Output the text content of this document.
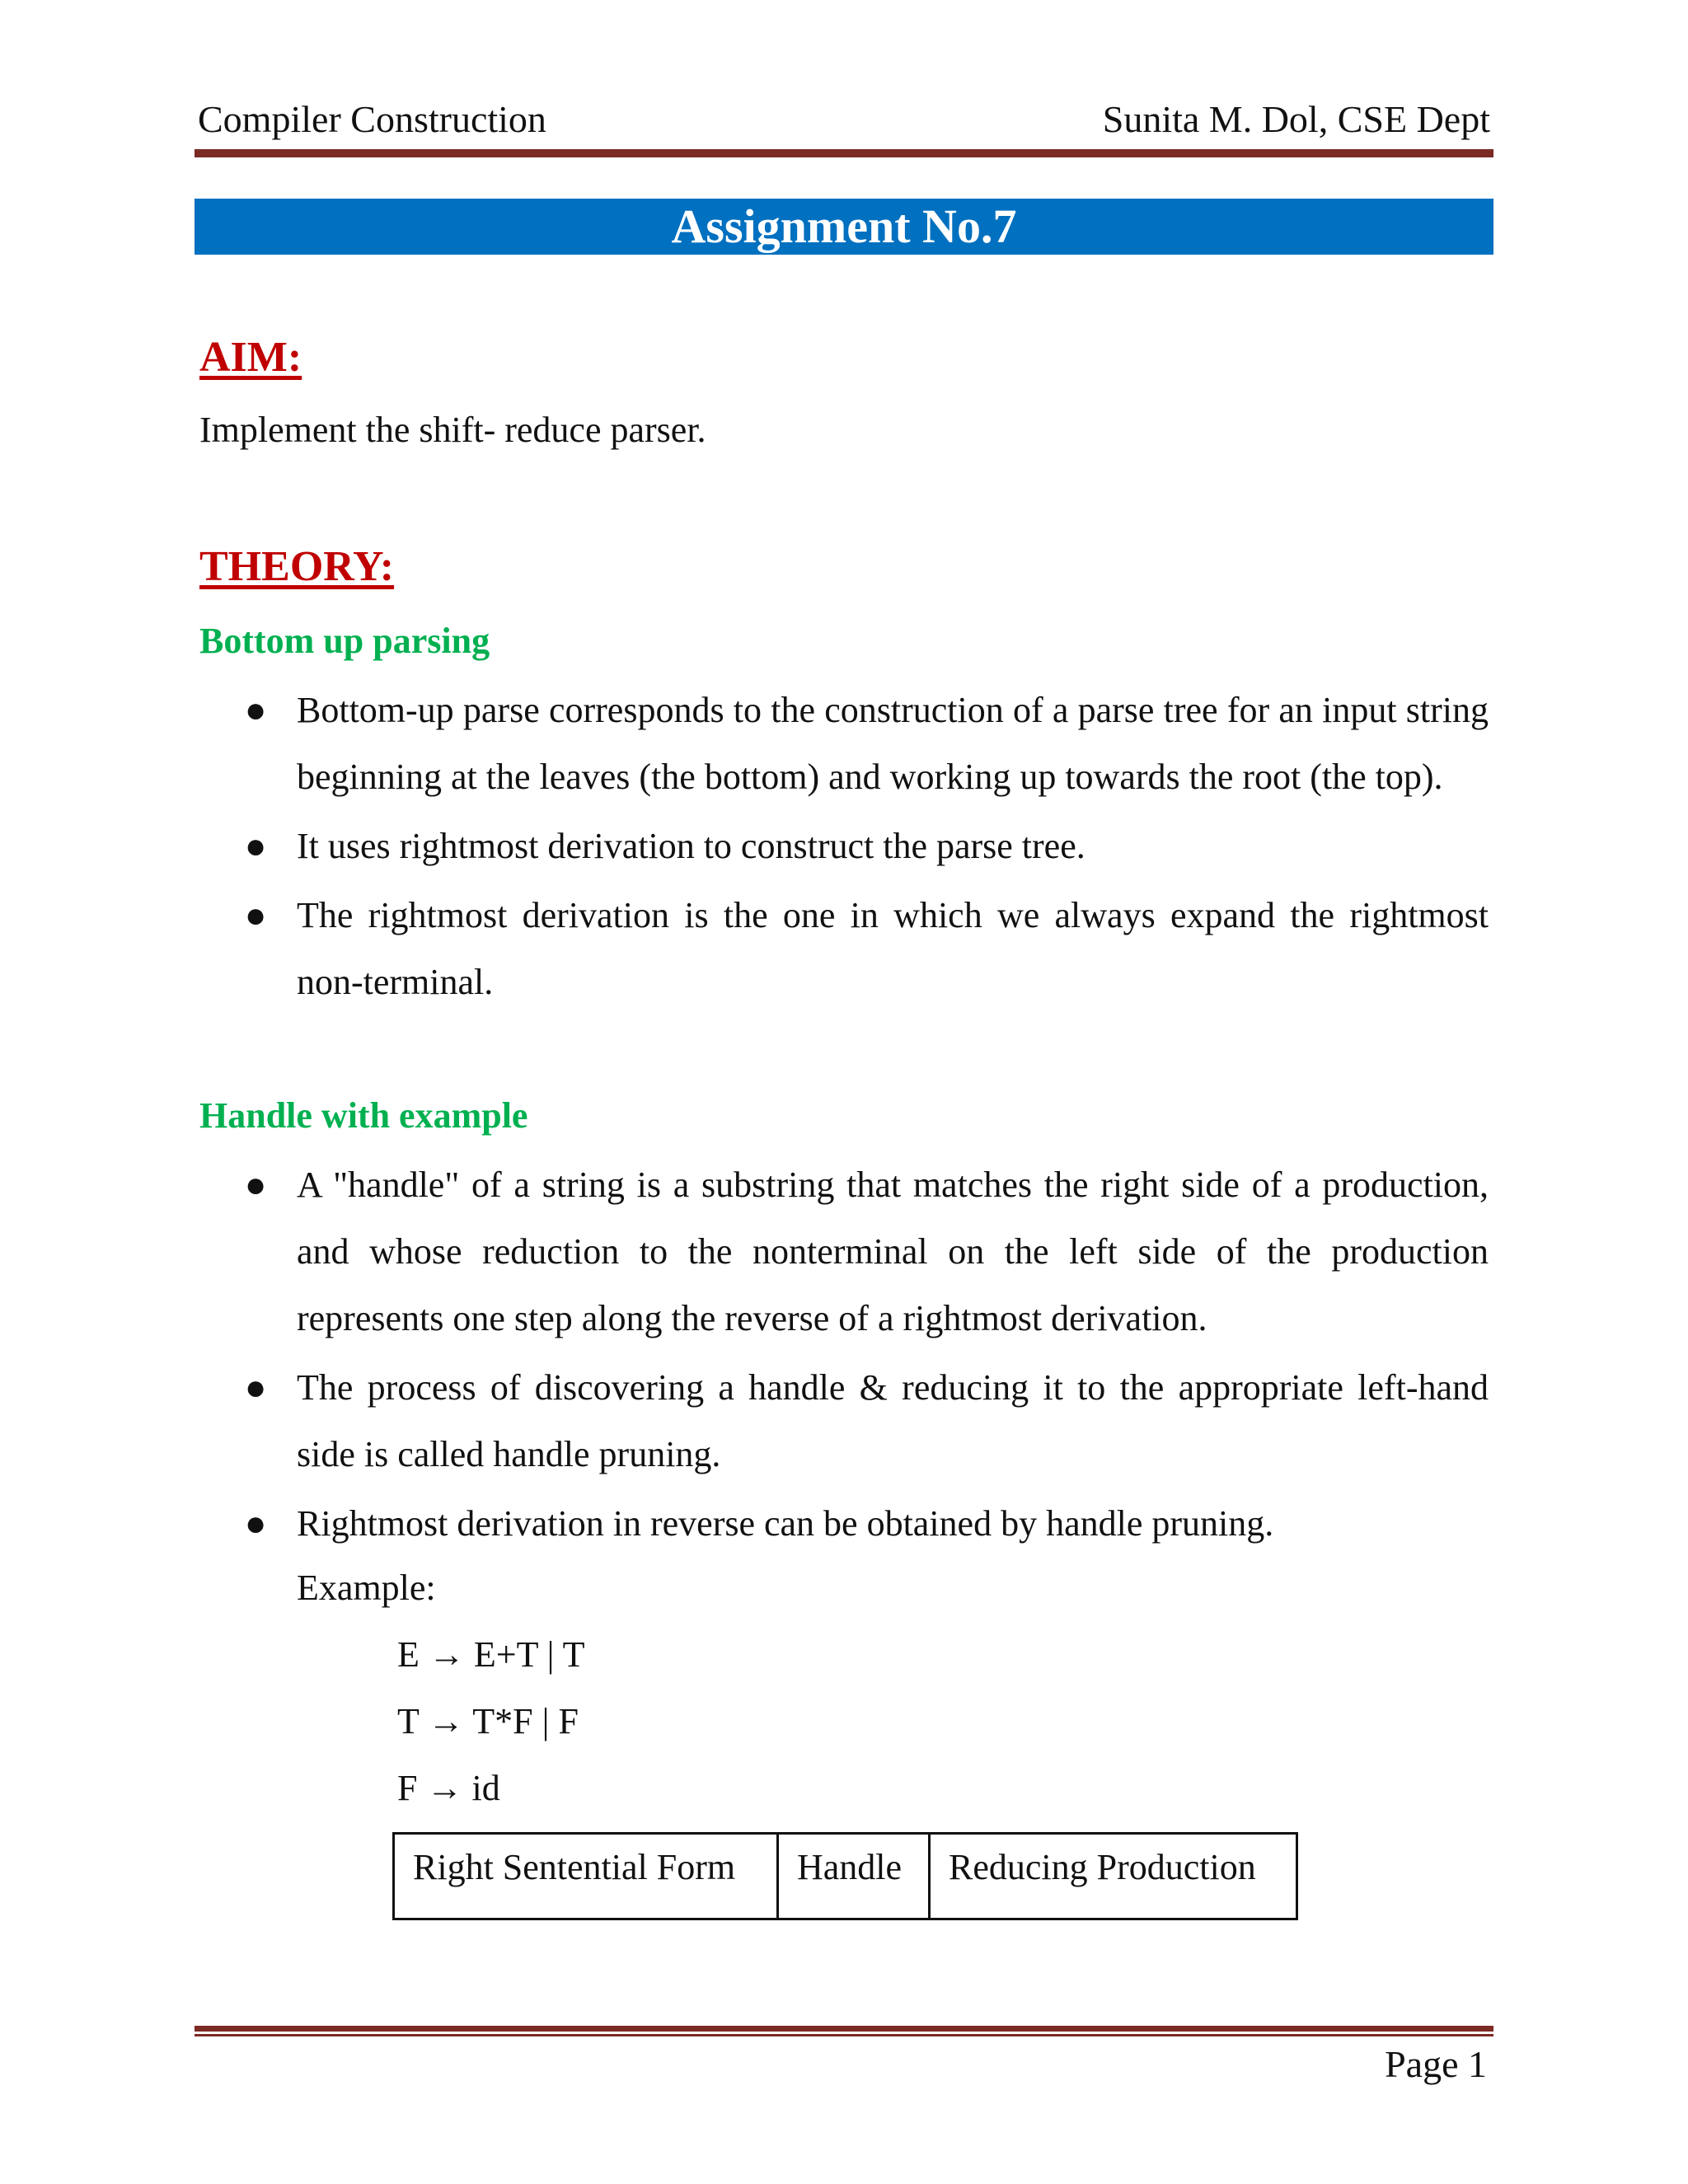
Compiler Construction	Sunita M. Dol, CSE Dept
Assignment No.7
AIM:
Implement the shift- reduce parser.
THEORY:
Bottom up parsing
● Bottom-up parse corresponds to the construction of a parse tree for an input string beginning at the leaves (the bottom) and working up towards the root (the top).
● It uses rightmost derivation to construct the parse tree.
● The rightmost derivation is the one in which we always expand the rightmost non-terminal.
Handle with example
● A "handle" of a string is a substring that matches the right side of a production, and whose reduction to the nonterminal on the left side of the production represents one step along the reverse of a rightmost derivation.
● The process of discovering a handle & reducing it to the appropriate left-hand side is called handle pruning.
● Rightmost derivation in reverse can be obtained by handle pruning.
Example:
E → E+T | T
T → T*F | F
F → id
Right Sentential Form	Handle	Reducing Production
Page 1
